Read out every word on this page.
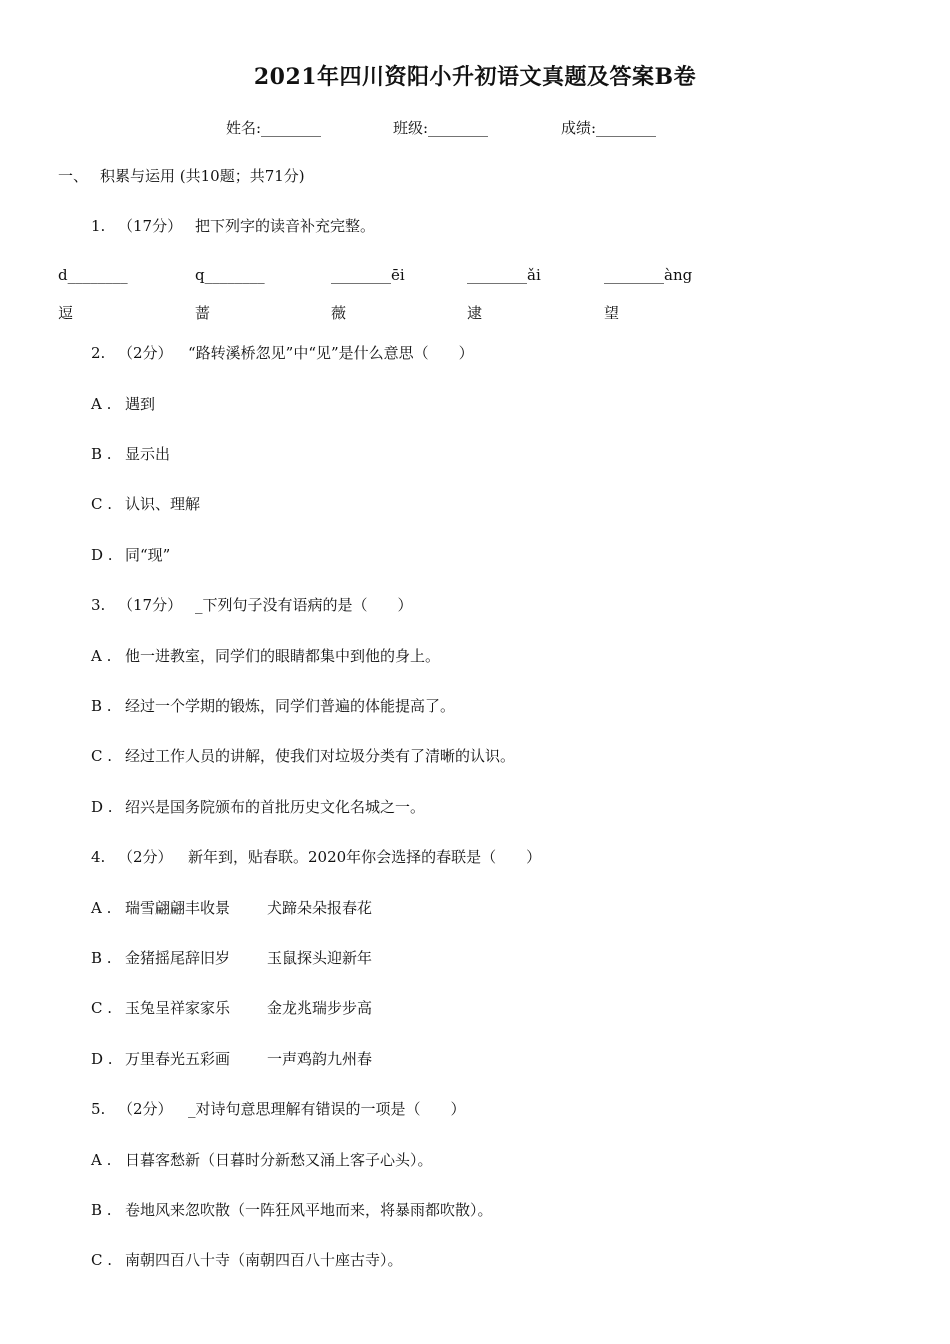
2021年四川资阳小升初语文真题及答案B卷
姓名:________	班级:________	成绩:________
一、 积累与运用 (共10题；共71分)
1. （17分） 把下列字的读音补充完整。
d________	q________	________ēi	________ǎi	________àng
逗	蔷	薇	逮	望
2. （2分） “路转溪桥忽见”中“见”是什么意思（　　）
A . 遇到
B . 显示出
C . 认识、理解
D . 同“现”
3. （17分） _下列句子没有语病的是（　　）
A . 他一进教室，同学们的眼睛都集中到他的身上。
B . 经过一个学期的锻炼，同学们普遍的体能提高了。
C . 经过工作人员的讲解，使我们对垃圾分类有了清晰的认识。
D . 绍兴是国务院颁布的首批历史文化名城之一。
4. （2分） 新年到，贴春联。2020年你会选择的春联是（　　）
A . 瑞雪翩翩丰收景 犬蹄朵朵报春花
B . 金猪摇尾辞旧岁 玉鼠探头迎新年
C . 玉兔呈祥家家乐 金龙兆瑞步步高
D . 万里春光五彩画 一声鸡韵九州春
5. （2分） _对诗句意思理解有错误的一项是（　　）
A . 日暮客愁新（日暮时分新愁又涌上客子心头）。
B . 卷地风来忽吹散（一阵狂风平地而来，将暴雨都吹散）。
C . 南朝四百八十寺（南朝四百八十座古寺）。
